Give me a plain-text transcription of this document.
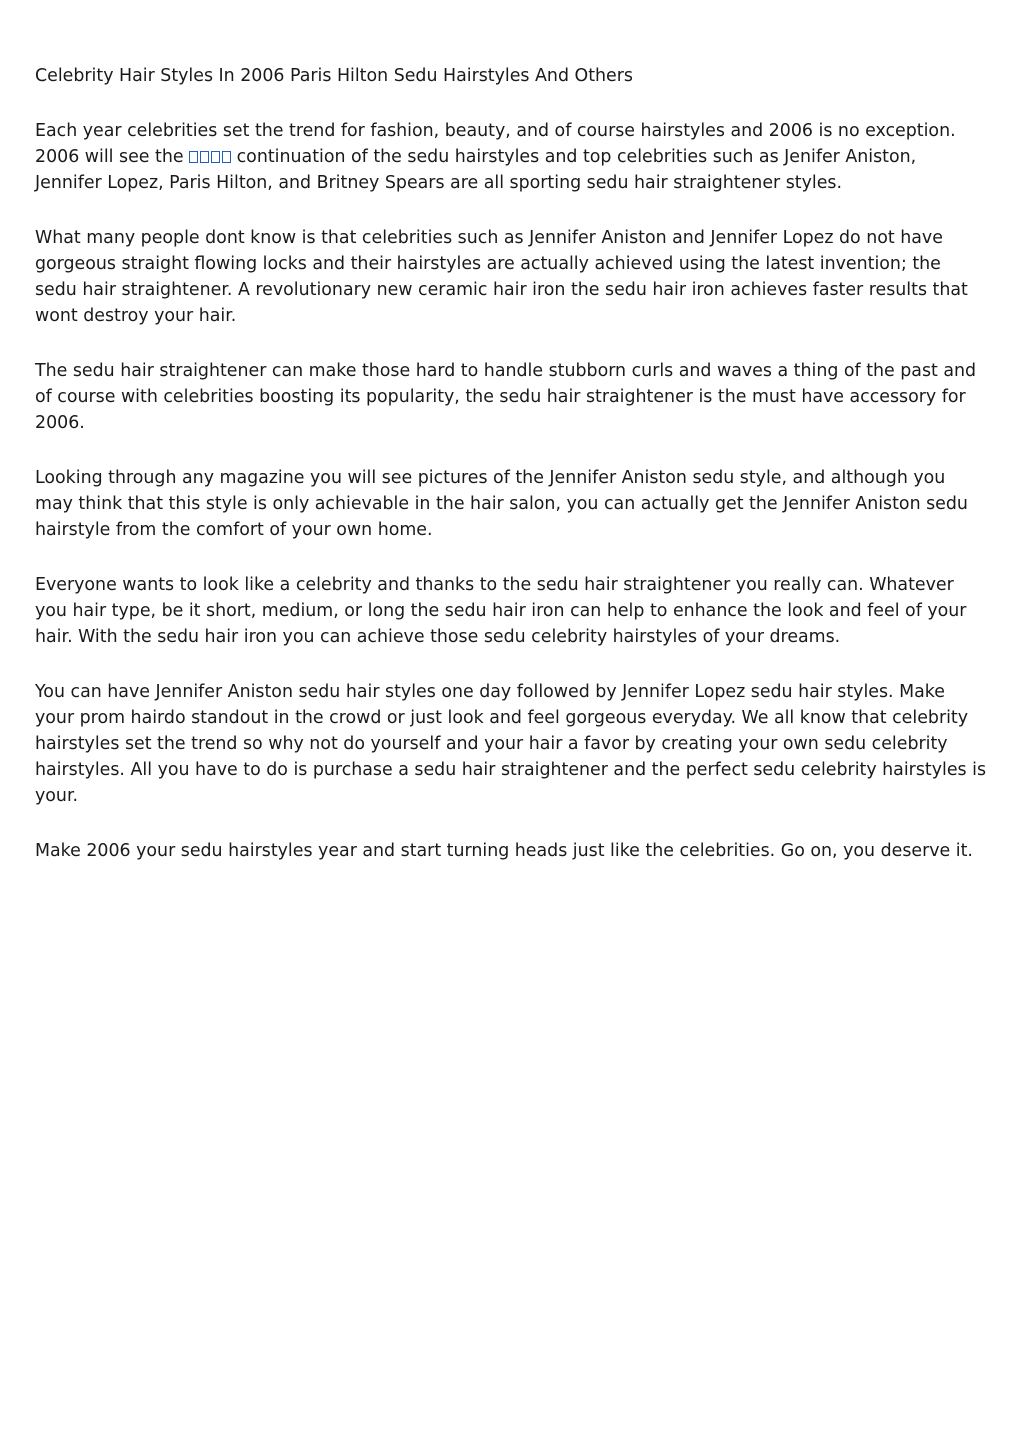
Celebrity Hair Styles In 2006 Paris Hilton Sedu Hairstyles And Others

Each year celebrities set the trend for fashion, beauty, and of course hairstyles and 2006 is no exception. 2006 will see the  continuation of the sedu hairstyles and top celebrities such as Jenifer Aniston, Jennifer Lopez, Paris Hilton, and Britney Spears are all sporting sedu hair straightener styles.

What many people dont know is that celebrities such as Jennifer Aniston and Jennifer Lopez do not have gorgeous straight flowing locks and their hairstyles are actually achieved using the latest invention; the sedu hair straightener. A revolutionary new ceramic hair iron the sedu hair iron achieves faster results that wont destroy your hair.

The sedu hair straightener can make those hard to handle stubborn curls and waves a thing of the past and of course with celebrities boosting its popularity, the sedu hair straightener is the must have accessory for 2006.

Looking through any magazine you will see pictures of the Jennifer Aniston sedu style, and although you may think that this style is only achievable in the hair salon, you can actually get the Jennifer Aniston sedu hairstyle from the comfort of your own home.

Everyone wants to look like a celebrity and thanks to the sedu hair straightener you really can. Whatever you hair type, be it short, medium, or long the sedu hair iron can help to enhance the look and feel of your hair. With the sedu hair iron you can achieve those sedu celebrity hairstyles of your dreams.

You can have Jennifer Aniston sedu hair styles one day followed by Jennifer Lopez sedu hair styles. Make your prom hairdo standout in the crowd or just look and feel gorgeous everyday. We all know that celebrity hairstyles set the trend so why not do yourself and your hair a favor by creating your own sedu celebrity hairstyles. All you have to do is purchase a sedu hair straightener and the perfect sedu celebrity hairstyles is your.

Make 2006 your sedu hairstyles year and start turning heads just like the celebrities. Go on, you deserve it.
